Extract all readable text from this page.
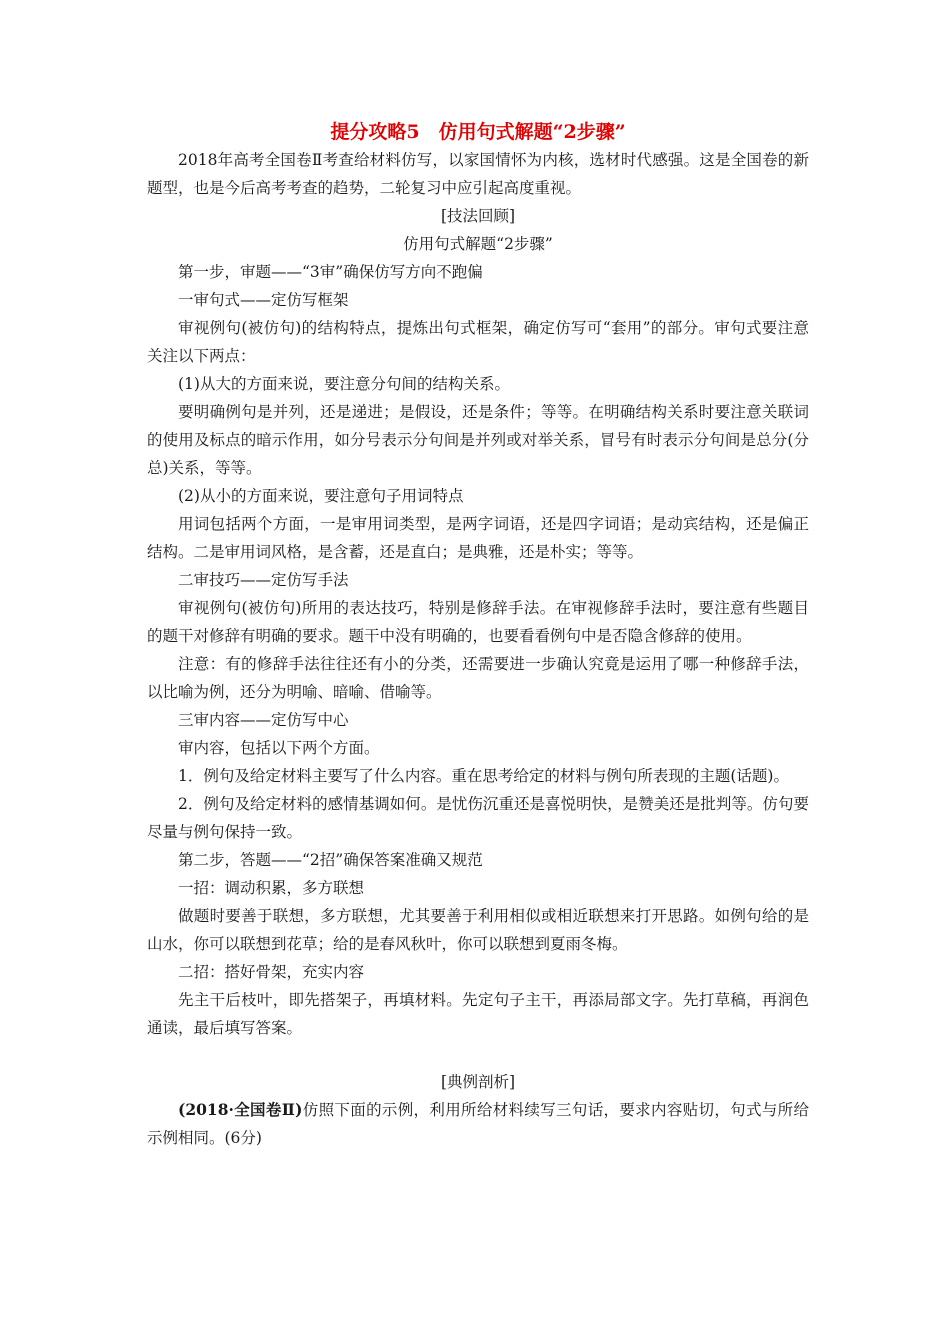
提分攻略5　仿用句式解题“2步骤”

2018年高考全国卷Ⅱ考查给材料仿写，以家国情怀为内核，选材时代感强。这是全国卷的新题型，也是今后高考考查的趋势，二轮复习中应引起高度重视。

[技法回顾]

仿用句式解题“2步骤”

第一步，审题——“3审”确保仿写方向不跑偏

一审句式——定仿写框架

审视例句(被仿句)的结构特点，提炼出句式框架，确定仿写可“套用”的部分。审句式要注意关注以下两点：

(1)从大的方面来说，要注意分句间的结构关系。

要明确例句是并列，还是递进；是假设，还是条件；等等。在明确结构关系时要注意关联词的使用及标点的暗示作用，如分号表示分句间是并列或对举关系，冒号有时表示分句间是总分(分总)关系，等等。

(2)从小的方面来说，要注意句子用词特点

用词包括两个方面，一是审用词类型，是两字词语，还是四字词语；是动宾结构，还是偏正结构。二是审用词风格，是含蓄，还是直白；是典雅，还是朴实；等等。

二审技巧——定仿写手法

审视例句(被仿句)所用的表达技巧，特别是修辞手法。在审视修辞手法时，要注意有些题目的题干对修辞有明确的要求。题干中没有明确的，也要看看例句中是否隐含修辞的使用。

注意：有的修辞手法往往还有小的分类，还需要进一步确认究竟是运用了哪一种修辞手法，以比喻为例，还分为明喻、暗喻、借喻等。

三审内容——定仿写中心

审内容，包括以下两个方面。

1．例句及给定材料主要写了什么内容。重在思考给定的材料与例句所表现的主题(话题)。

2．例句及给定材料的感情基调如何。是忧伤沉重还是喜悦明快，是赞美还是批判等。仿句要尽量与例句保持一致。

第二步，答题——“2招”确保答案准确又规范

一招：调动积累，多方联想

做题时要善于联想，多方联想，尤其要善于利用相似或相近联想来打开思路。如例句给的是山水，你可以联想到花草；给的是春风秋叶，你可以联想到夏雨冬梅。

二招：搭好骨架，充实内容

先主干后枝叶，即先搭架子，再填材料。先定句子主干，再添局部文字。先打草稿，再润色通读，最后填写答案。

[典例剖析]

(2018·全国卷Ⅱ)仿照下面的示例，利用所给材料续写三句话，要求内容贴切，句式与所给示例相同。(6分)
